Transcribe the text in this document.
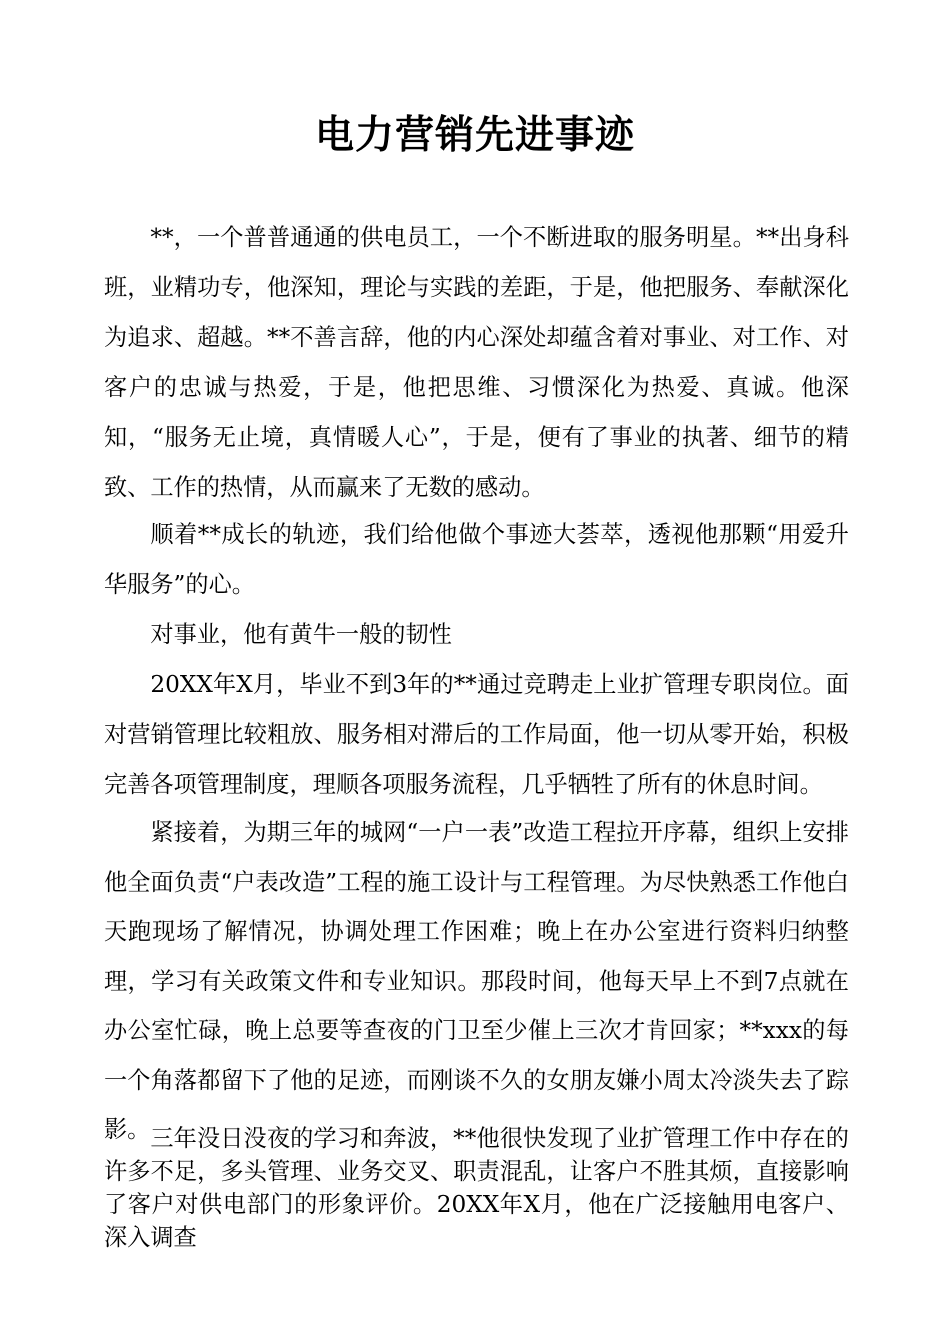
电力营销先进事迹

**，一个普普通通的供电员工，一个不断进取的服务明星。**出身科班，业精功专，他深知，理论与实践的差距，于是，他把服务、奉献深化为追求、超越。**不善言辞，他的内心深处却蕴含着对事业、对工作、对客户的忠诚与热爱，于是，他把思维、习惯深化为热爱、真诚。他深知，“服务无止境，真情暖人心”，于是，便有了事业的执著、细节的精致、工作的热情，从而赢来了无数的感动。

顺着**成长的轨迹，我们给他做个事迹大荟萃，透视他那颗“用爱升华服务”的心。

对事业，他有黄牛一般的韧性

20XX年X月，毕业不到3年的**通过竞聘走上业扩管理专职岗位。面对营销管理比较粗放、服务相对滞后的工作局面，他一切从零开始，积极完善各项管理制度，理顺各项服务流程，几乎牺牲了所有的休息时间。

紧接着，为期三年的城网“一户一表”改造工程拉开序幕，组织上安排他全面负责“户表改造”工程的施工设计与工程管理。为尽快熟悉工作他白天跑现场了解情况，协调处理工作困难；晚上在办公室进行资料归纳整理，学习有关政策文件和专业知识。那段时间，他每天早上不到7点就在办公室忙碌，晚上总要等查夜的门卫至少催上三次才肯回家；**xxx的每一个角落都留下了他的足迹，而刚谈不久的女朋友嫌小周太冷淡失去了踪影。 三年没日没夜的学习和奔波，**他很快发现了业扩管理工作中存在的许多不足，多头管理、业务交叉、职责混乱，让客户不胜其烦，直接影响了客户对供电部门的形象评价。20XX年X月，他在广泛接触用电客户、深入调查
